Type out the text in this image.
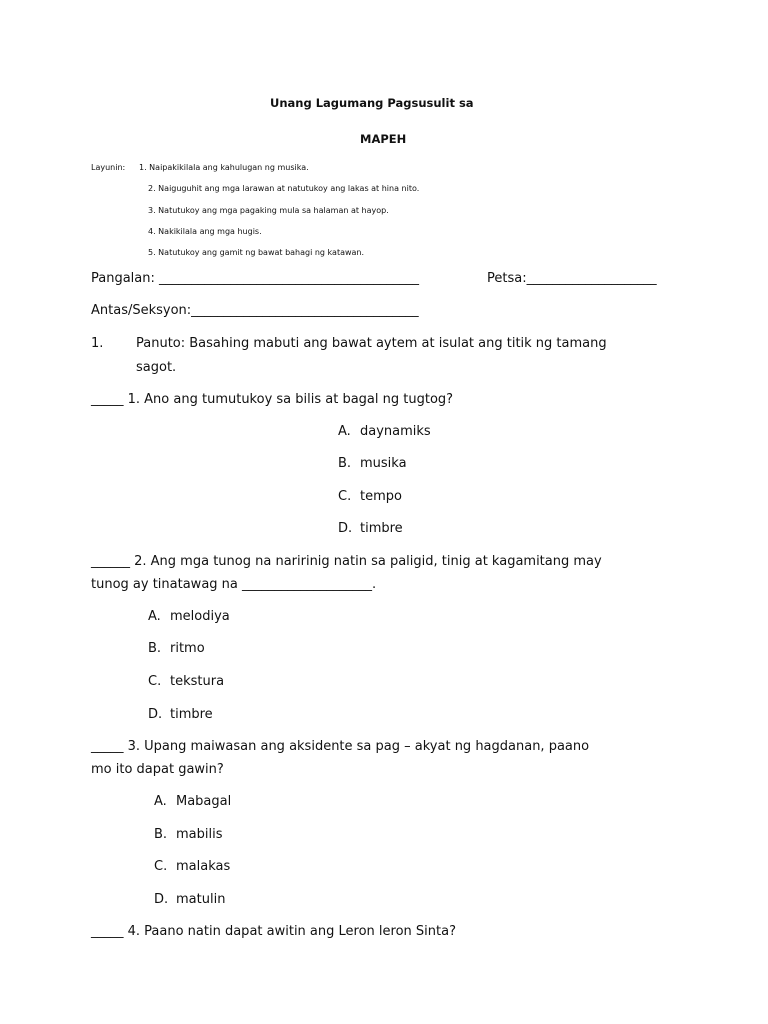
Unang Lagumang Pagsusulit sa
MAPEH
Layunin: 1. Naipakikilala ang kahulugan ng musika.
2. Naiguguhit ang mga larawan at natutukoy ang lakas at hina nito.
3. Natutukoy ang mga pagaking mula sa halaman at hayop.
4. Nakikilala ang mga hugis.
5. Natutukoy ang gamit ng bawat bahagi ng katawan.
Pangalan: ________________________________________	Petsa:____________________
Antas/Seksyon:___________________________________
1.	Panuto: Basahing mabuti ang bawat aytem at isulat ang titik ng tamang
sagot.
_____ 1. Ano ang tumutukoy sa bilis at bagal ng tugtog?
A. daynamiks
B. musika
C. tempo
D. timbre
______ 2. Ang mga tunog na naririnig natin sa paligid, tinig at kagamitang may
tunog ay tinatawag na ____________________.
A. melodiya
B. ritmo
C. tekstura
D. timbre
_____ 3. Upang maiwasan ang aksidente sa pag – akyat ng hagdanan, paano
mo ito dapat gawin?
A. Mabagal
B. mabilis
C. malakas
D. matulin
_____ 4. Paano natin dapat awitin ang Leron leron Sinta?
